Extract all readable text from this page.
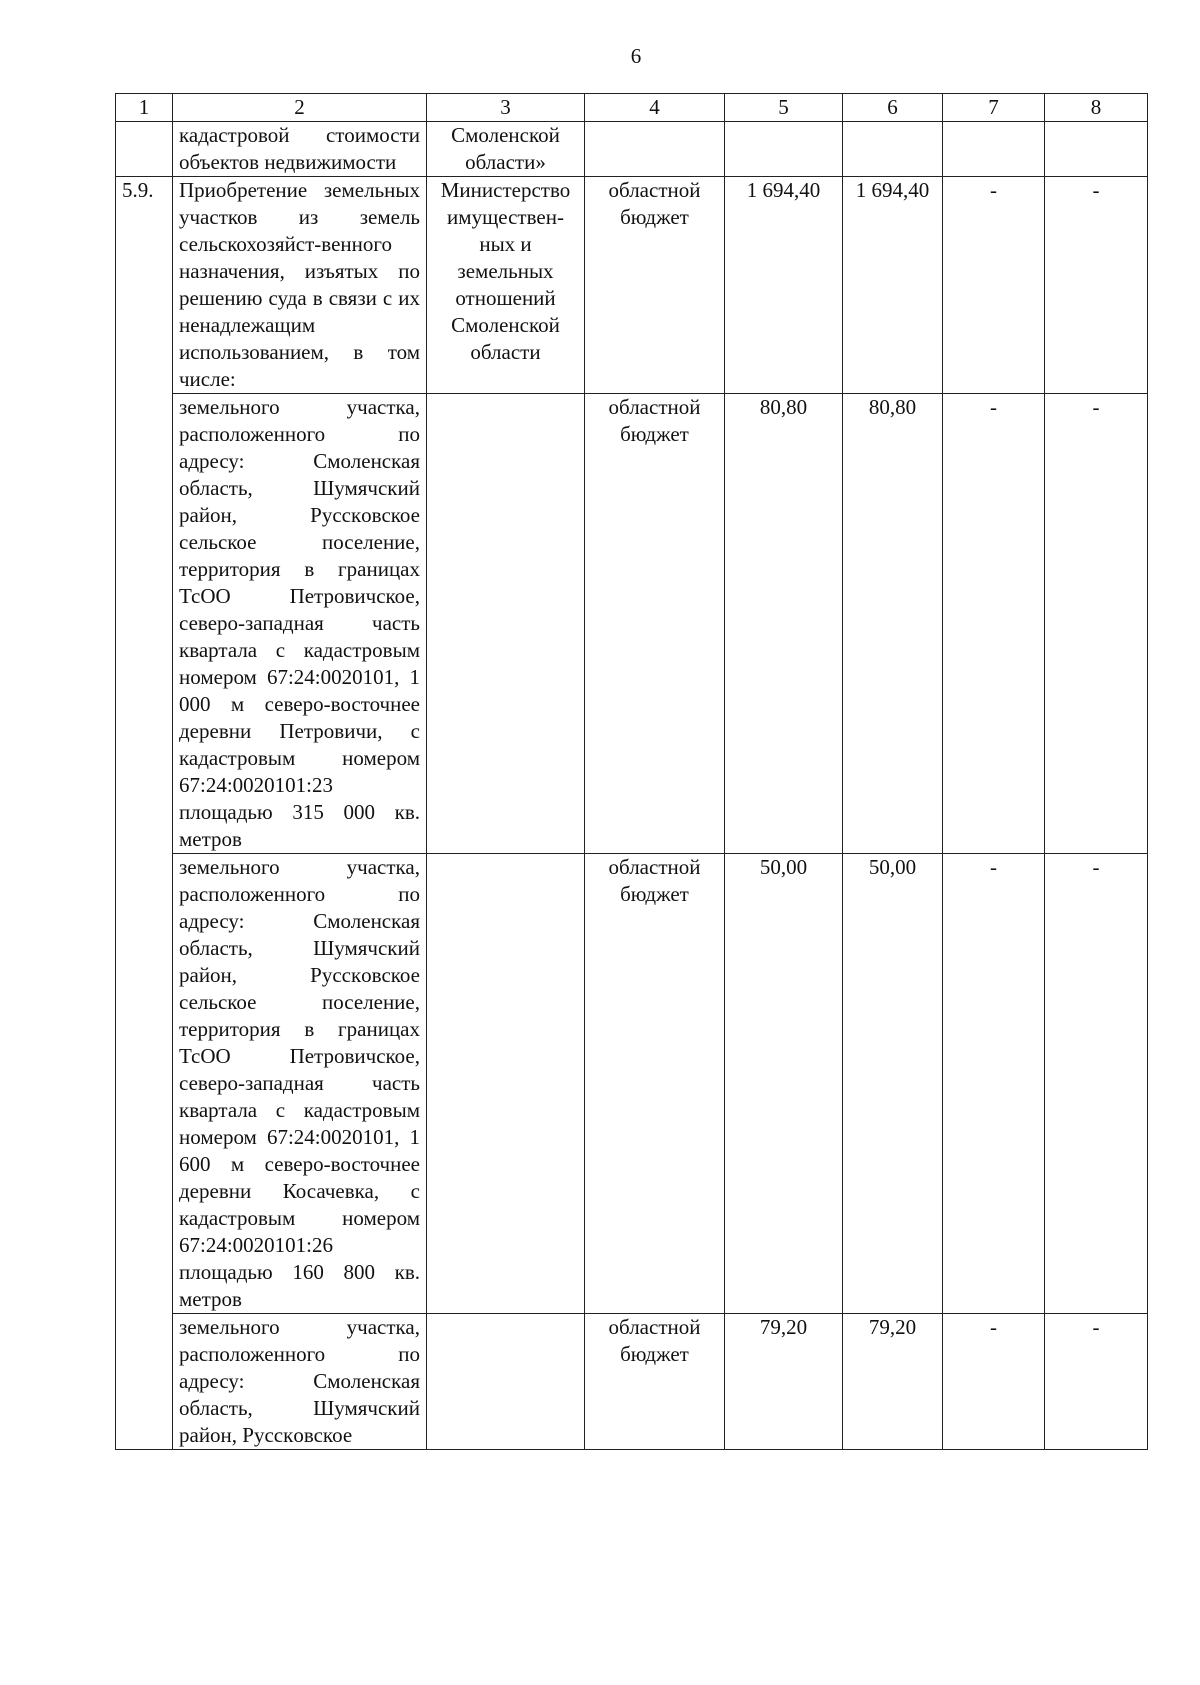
6
1	2	3	4	5	6	7	8
	кадастровой стоимости объектов недвижимости	Смоленской области»					
5.9.	Приобретение земельных участков из земель сельскохозяйст-венного назначения, изъятых по решению суда в связи с их ненадлежащим использованием, в том числе:	Министерство имуществен-ных и земельных отношений Смоленской области	областной бюджет	1 694,40	1 694,40	-	-
	земельного участка, расположенного по адресу: Смоленская область, Шумячский район, Русскoвское сельское поселение, территория в границах ТсОО Петровичское, северо-западная часть квартала с кадастровым номером 67:24:0020101, 1 000 м северо-восточнее деревни Петровичи, с кадастровым номером 67:24:0020101:23 площадью 315 000 кв. метров		областной бюджет	80,80	80,80	-	-
	земельного участка, расположенного по адресу: Смоленская область, Шумячский район, Русскoвское сельское поселение, территория в границах ТсОО Петровичское, северо-западная часть квартала с кадастровым номером 67:24:0020101, 1 600 м северо-восточнее деревни Косачевка, с кадастровым номером 67:24:0020101:26 площадью 160 800 кв. метров		областной бюджет	50,00	50,00	-	-
	земельного участка, расположенного по адресу: Смоленская область, Шумячский район, Русскoвское		областной бюджет	79,20	79,20	-	-
